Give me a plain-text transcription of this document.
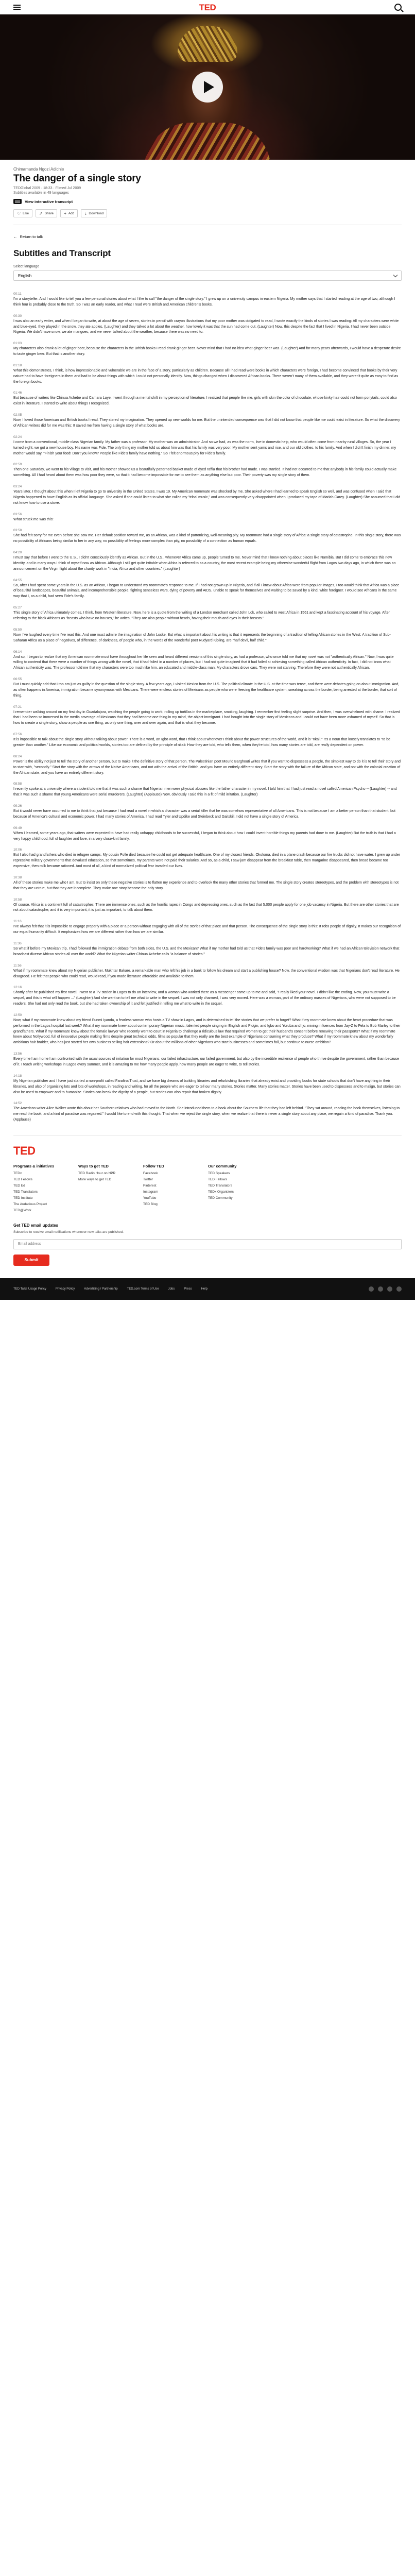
TED
Chimamanda Ngozi Adichie
The danger of a single story
TEDGlobal 2009 · 18:33 · Filmed Jul 2009
Subtitles available in 49 languages
View interactive transcript
♡ Like	↗ Share	+ Add	↓ Download
← Return to talk
Subtitles and Transcript
Select language
English
00:11
I'm a storyteller. And I would like to tell you a few personal stories about what I like to call "the danger of the single story." I grew up on a university campus in eastern Nigeria. My mother says that I started reading at the age of two, although I think four is probably close to the truth. So I was an early reader, and what I read were British and American children's books.
00:30
I was also an early writer, and when I began to write, at about the age of seven, stories in pencil with crayon illustrations that my poor mother was obligated to read, I wrote exactly the kinds of stories I was reading: All my characters were white and blue-eyed, they played in the snow, they ate apples, (Laughter) and they talked a lot about the weather, how lovely it was that the sun had come out. (Laughter) Now, this despite the fact that I lived in Nigeria. I had never been outside Nigeria. We didn't have snow, we ate mangoes, and we never talked about the weather, because there was no need to.
01:03
My characters also drank a lot of ginger beer, because the characters in the British books I read drank ginger beer. Never mind that I had no idea what ginger beer was. (Laughter) And for many years afterwards, I would have a desperate desire to taste ginger beer. But that is another story.
01:18
What this demonstrates, I think, is how impressionable and vulnerable we are in the face of a story, particularly as children. Because all I had read were books in which characters were foreign, I had become convinced that books by their very nature had to have foreigners in them and had to be about things with which I could not personally identify. Now, things changed when I discovered African books. There weren't many of them available, and they weren't quite as easy to find as the foreign books.
01:46
But because of writers like Chinua Achebe and Camara Laye, I went through a mental shift in my perception of literature. I realized that people like me, girls with skin the color of chocolate, whose kinky hair could not form ponytails, could also exist in literature. I started to write about things I recognized.
02:05
Now, I loved those American and British books I read. They stirred my imagination. They opened up new worlds for me. But the unintended consequence was that I did not know that people like me could exist in literature. So what the discovery of African writers did for me was this: It saved me from having a single story of what books are.
02:24
I come from a conventional, middle-class Nigerian family. My father was a professor. My mother was an administrator. And so we had, as was the norm, live-in domestic help, who would often come from nearby rural villages. So, the year I turned eight, we got a new house boy. His name was Fide. The only thing my mother told us about him was that his family was very poor. My mother sent yams and rice, and our old clothes, to his family. And when I didn't finish my dinner, my mother would say, "Finish your food! Don't you know? People like Fide's family have nothing." So I felt enormous pity for Fide's family.
02:59
Then one Saturday, we went to his village to visit, and his mother showed us a beautifully patterned basket made of dyed raffia that his brother had made. I was startled. It had not occurred to me that anybody in his family could actually make something. All I had heard about them was how poor they were, so that it had become impossible for me to see them as anything else but poor. Their poverty was my single story of them.
03:24
Years later, I thought about this when I left Nigeria to go to university in the United States. I was 19. My American roommate was shocked by me. She asked where I had learned to speak English so well, and was confused when I said that Nigeria happened to have English as its official language. She asked if she could listen to what she called my "tribal music," and was consequently very disappointed when I produced my tape of Mariah Carey. (Laughter) She assumed that I did not know how to use a stove.
03:56
What struck me was this:
03:58
She had felt sorry for me even before she saw me. Her default position toward me, as an African, was a kind of patronizing, well-meaning pity. My roommate had a single story of Africa: a single story of catastrophe. In this single story, there was no possibility of Africans being similar to her in any way, no possibility of feelings more complex than pity, no possibility of a connection as human equals.
04:20
I must say that before I went to the U.S., I didn't consciously identify as African. But in the U.S., whenever Africa came up, people turned to me. Never mind that I knew nothing about places like Namibia. But I did come to embrace this new identity, and in many ways I think of myself now as African. Although I still get quite irritable when Africa is referred to as a country, the most recent example being my otherwise wonderful flight from Lagos two days ago, in which there was an announcement on the Virgin flight about the charity work in "India, Africa and other countries." (Laughter)
04:55
So, after I had spent some years in the U.S. as an African, I began to understand my roommate's response to me. If I had not grown up in Nigeria, and if all I knew about Africa were from popular images, I too would think that Africa was a place of beautiful landscapes, beautiful animals, and incomprehensible people, fighting senseless wars, dying of poverty and AIDS, unable to speak for themselves and waiting to be saved by a kind, white foreigner. I would see Africans in the same way that I, as a child, had seen Fide's family.
05:27
This single story of Africa ultimately comes, I think, from Western literature. Now, here is a quote from the writing of a London merchant called John Lok, who sailed to west Africa in 1561 and kept a fascinating account of his voyage. After referring to the black Africans as "beasts who have no houses," he writes, "They are also people without heads, having their mouth and eyes in their breasts."
05:50
Now, I've laughed every time I've read this. And one must admire the imagination of John Locke. But what is important about his writing is that it represents the beginning of a tradition of telling African stories in the West: A tradition of Sub-Saharan Africa as a place of negatives, of difference, of darkness, of people who, in the words of the wonderful poet Rudyard Kipling, are "half devil, half child."
06:14
And so, I began to realize that my American roommate must have throughout her life seen and heard different versions of this single story, as had a professor, who once told me that my novel was not "authentically African." Now, I was quite willing to contend that there were a number of things wrong with the novel, that it had failed in a number of places, but I had not quite imagined that it had failed at achieving something called African authenticity. In fact, I did not know what African authenticity was. The professor told me that my characters were too much like him, an educated and middle-class man. My characters drove cars. They were not starving. Therefore they were not authentically African.
06:55
But I must quickly add that I too am just as guilty in the question of the single story. A few years ago, I visited Mexico from the U.S. The political climate in the U.S. at the time was tense, and there were debates going on about immigration. And, as often happens in America, immigration became synonymous with Mexicans. There were endless stories of Mexicans as people who were fleecing the healthcare system, sneaking across the border, being arrested at the border, that sort of thing.
07:21
I remember walking around on my first day in Guadalajara, watching the people going to work, rolling up tortillas in the marketplace, smoking, laughing. I remember first feeling slight surprise. And then, I was overwhelmed with shame. I realized that I had been so immersed in the media coverage of Mexicans that they had become one thing in my mind, the abject immigrant. I had bought into the single story of Mexicans and I could not have been more ashamed of myself. So that is how to create a single story, show a people as one thing, as only one thing, over and over again, and that is what they become.
07:56
It is impossible to talk about the single story without talking about power. There is a word, an Igbo word, that I think about whenever I think about the power structures of the world, and it is "nkali." It's a noun that loosely translates to "to be greater than another." Like our economic and political worlds, stories too are defined by the principle of nkali: How they are told, who tells them, when they're told, how many stories are told, are really dependent on power.
08:24
Power is the ability not just to tell the story of another person, but to make it the definitive story of that person. The Palestinian poet Mourid Barghouti writes that if you want to dispossess a people, the simplest way to do it is to tell their story and to start with, "secondly." Start the story with the arrows of the Native Americans, and not with the arrival of the British, and you have an entirely different story. Start the story with the failure of the African state, and not with the colonial creation of the African state, and you have an entirely different story.
08:58
I recently spoke at a university where a student told me that it was such a shame that Nigerian men were physical abusers like the father character in my novel. I told him that I had just read a novel called American Psycho -- (Laughter) -- and that it was such a shame that young Americans were serial murderers. (Laughter) (Applause) Now, obviously I said this in a fit of mild irritation. (Laughter)
09:26
But it would never have occurred to me to think that just because I had read a novel in which a character was a serial killer that he was somehow representative of all Americans. This is not because I am a better person than that student, but because of America's cultural and economic power, I had many stories of America. I had read Tyler and Updike and Steinbeck and Gaitskill. I did not have a single story of America.
09:49
When I learned, some years ago, that writers were expected to have had really unhappy childhoods to be successful, I began to think about how I could invent horrible things my parents had done to me. (Laughter) But the truth is that I had a very happy childhood, full of laughter and love, in a very close-knit family.
10:06
But I also had grandfathers who died in refugee camps. My cousin Polle died because he could not get adequate healthcare. One of my closest friends, Okoloma, died in a plane crash because our fire trucks did not have water. I grew up under repressive military governments that devalued education, so that sometimes, my parents were not paid their salaries. And so, as a child, I saw jam disappear from the breakfast table, then margarine disappeared, then bread became too expensive, then milk became rationed. And most of all, a kind of normalized political fear invaded our lives.
10:38
All of these stories make me who I am. But to insist on only these negative stories is to flatten my experience and to overlook the many other stories that formed me. The single story creates stereotypes, and the problem with stereotypes is not that they are untrue, but that they are incomplete. They make one story become the only story.
10:58
Of course, Africa is a continent full of catastrophes: There are immense ones, such as the horrific rapes in Congo and depressing ones, such as the fact that 5,000 people apply for one job vacancy in Nigeria. But there are other stories that are not about catastrophe, and it is very important, it is just as important, to talk about them.
11:16
I've always felt that it is impossible to engage properly with a place or a person without engaging with all of the stories of that place and that person. The consequence of the single story is this: It robs people of dignity. It makes our recognition of our equal humanity difficult. It emphasizes how we are different rather than how we are similar.
11:36
So what if before my Mexican trip, I had followed the immigration debate from both sides, the U.S. and the Mexican? What if my mother had told us that Fide's family was poor and hardworking? What if we had an African television network that broadcast diverse African stories all over the world? What the Nigerian writer Chinua Achebe calls "a balance of stories."
11:56
What if my roommate knew about my Nigerian publisher, Mukhtar Bakare, a remarkable man who left his job in a bank to follow his dream and start a publishing house? Now, the conventional wisdom was that Nigerians don't read literature. He disagreed. He felt that people who could read, would read, if you made literature affordable and available to them.
12:16
Shortly after he published my first novel, I went to a TV station in Lagos to do an interview, and a woman who worked there as a messenger came up to me and said, "I really liked your novel. I didn't like the ending. Now, you must write a sequel, and this is what will happen ..." (Laughter) And she went on to tell me what to write in the sequel. I was not only charmed, I was very moved. Here was a woman, part of the ordinary masses of Nigerians, who were not supposed to be readers. She had not only read the book, but she had taken ownership of it and felt justified in telling me what to write in the sequel.
12:50
Now, what if my roommate knew about my friend Funmi Iyanda, a fearless woman who hosts a TV show in Lagos, and is determined to tell the stories that we prefer to forget? What if my roommate knew about the heart procedure that was performed in the Lagos hospital last week? What if my roommate knew about contemporary Nigerian music, talented people singing in English and Pidgin, and Igbo and Yoruba and Ijo, mixing influences from Jay-Z to Fela to Bob Marley to their grandfathers. What if my roommate knew about the female lawyer who recently went to court in Nigeria to challenge a ridiculous law that required women to get their husband's consent before renewing their passports? What if my roommate knew about Nollywood, full of innovative people making films despite great technical odds, films so popular that they really are the best example of Nigerians consuming what they produce? What if my roommate knew about my wonderfully ambitious hair braider, who has just started her own business selling hair extensions? Or about the millions of other Nigerians who start businesses and sometimes fail, but continue to nurse ambition?
13:56
Every time I am home I am confronted with the usual sources of irritation for most Nigerians: our failed infrastructure, our failed government, but also by the incredible resilience of people who thrive despite the government, rather than because of it. I teach writing workshops in Lagos every summer, and it is amazing to me how many people apply, how many people are eager to write, to tell stories.
14:18
My Nigerian publisher and I have just started a non-profit called Farafina Trust, and we have big dreams of building libraries and refurbishing libraries that already exist and providing books for state schools that don't have anything in their libraries, and also of organizing lots and lots of workshops, in reading and writing, for all the people who are eager to tell our many stories. Stories matter. Many stories matter. Stories have been used to dispossess and to malign, but stories can also be used to empower and to humanize. Stories can break the dignity of a people, but stories can also repair that broken dignity.
14:52
The American writer Alice Walker wrote this about her Southern relatives who had moved to the North. She introduced them to a book about the Southern life that they had left behind. "They sat around, reading the book themselves, listening to me read the book, and a kind of paradise was regained." I would like to end with this thought: That when we reject the single story, when we realize that there is never a single story about any place, we regain a kind of paradise. Thank you. (Applause)
TED
Programs & initiatives
TEDx
TED Fellows
TED Ed
TED Translators
TED Institute
The Audacious Project
TED@Work
Ways to get TED
TED Radio Hour on NPR
More ways to get TED
Follow TED
Facebook
Twitter
Pinterest
Instagram
YouTube
TED Blog
Our community
TED Speakers
TED Fellows
TED Translators
TEDx Organizers
TED Community
Get TED email updates

Subscribe to receive email notifications whenever new talks are published.

Email address
Submit
TED Talks Usage Policy	Privacy Policy	Advertising / Partnership	TED.com Terms of Use	Jobs	Press	Help
